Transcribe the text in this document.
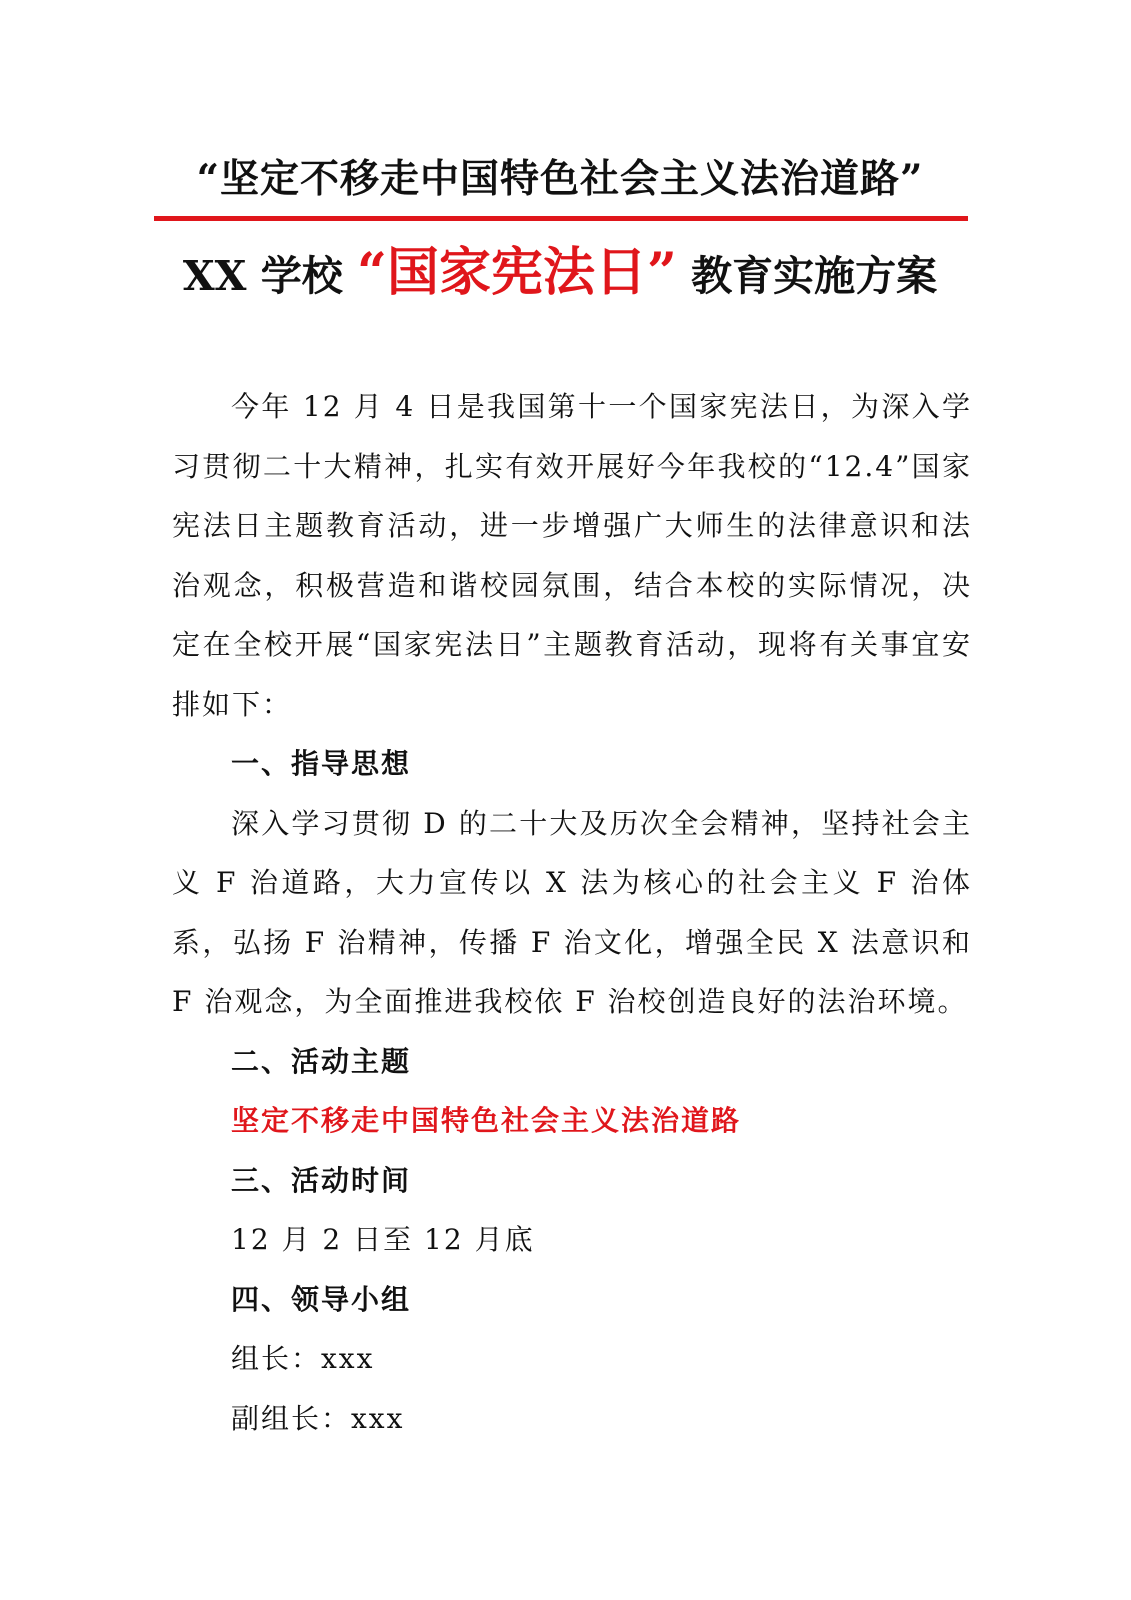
“坚定不移走中国特色社会主义法治道路”
XX 学校 “国家宪法日” 教育实施方案

今年 12 月 4 日是我国第十一个国家宪法日，为深入学习贯彻二十大精神，扎实有效开展好今年我校的“12.4”国家宪法日主题教育活动，进一步增强广大师生的法律意识和法治观念，积极营造和谐校园氛围，结合本校的实际情况，决定在全校开展“国家宪法日”主题教育活动，现将有关事宜安排如下：

一、指导思想

深入学习贯彻 D 的二十大及历次全会精神，坚持社会主义 F 治道路，大力宣传以 X 法为核心的社会主义 F 治体系，弘扬 F 治精神，传播 F 治文化，增强全民 X 法意识和 F 治观念，为全面推进我校依 F 治校创造良好的法治环境。

二、活动主题

坚定不移走中国特色社会主义法治道路

三、活动时间

12 月 2 日至 12 月底

四、领导小组

组长：xxx

副组长：xxx
